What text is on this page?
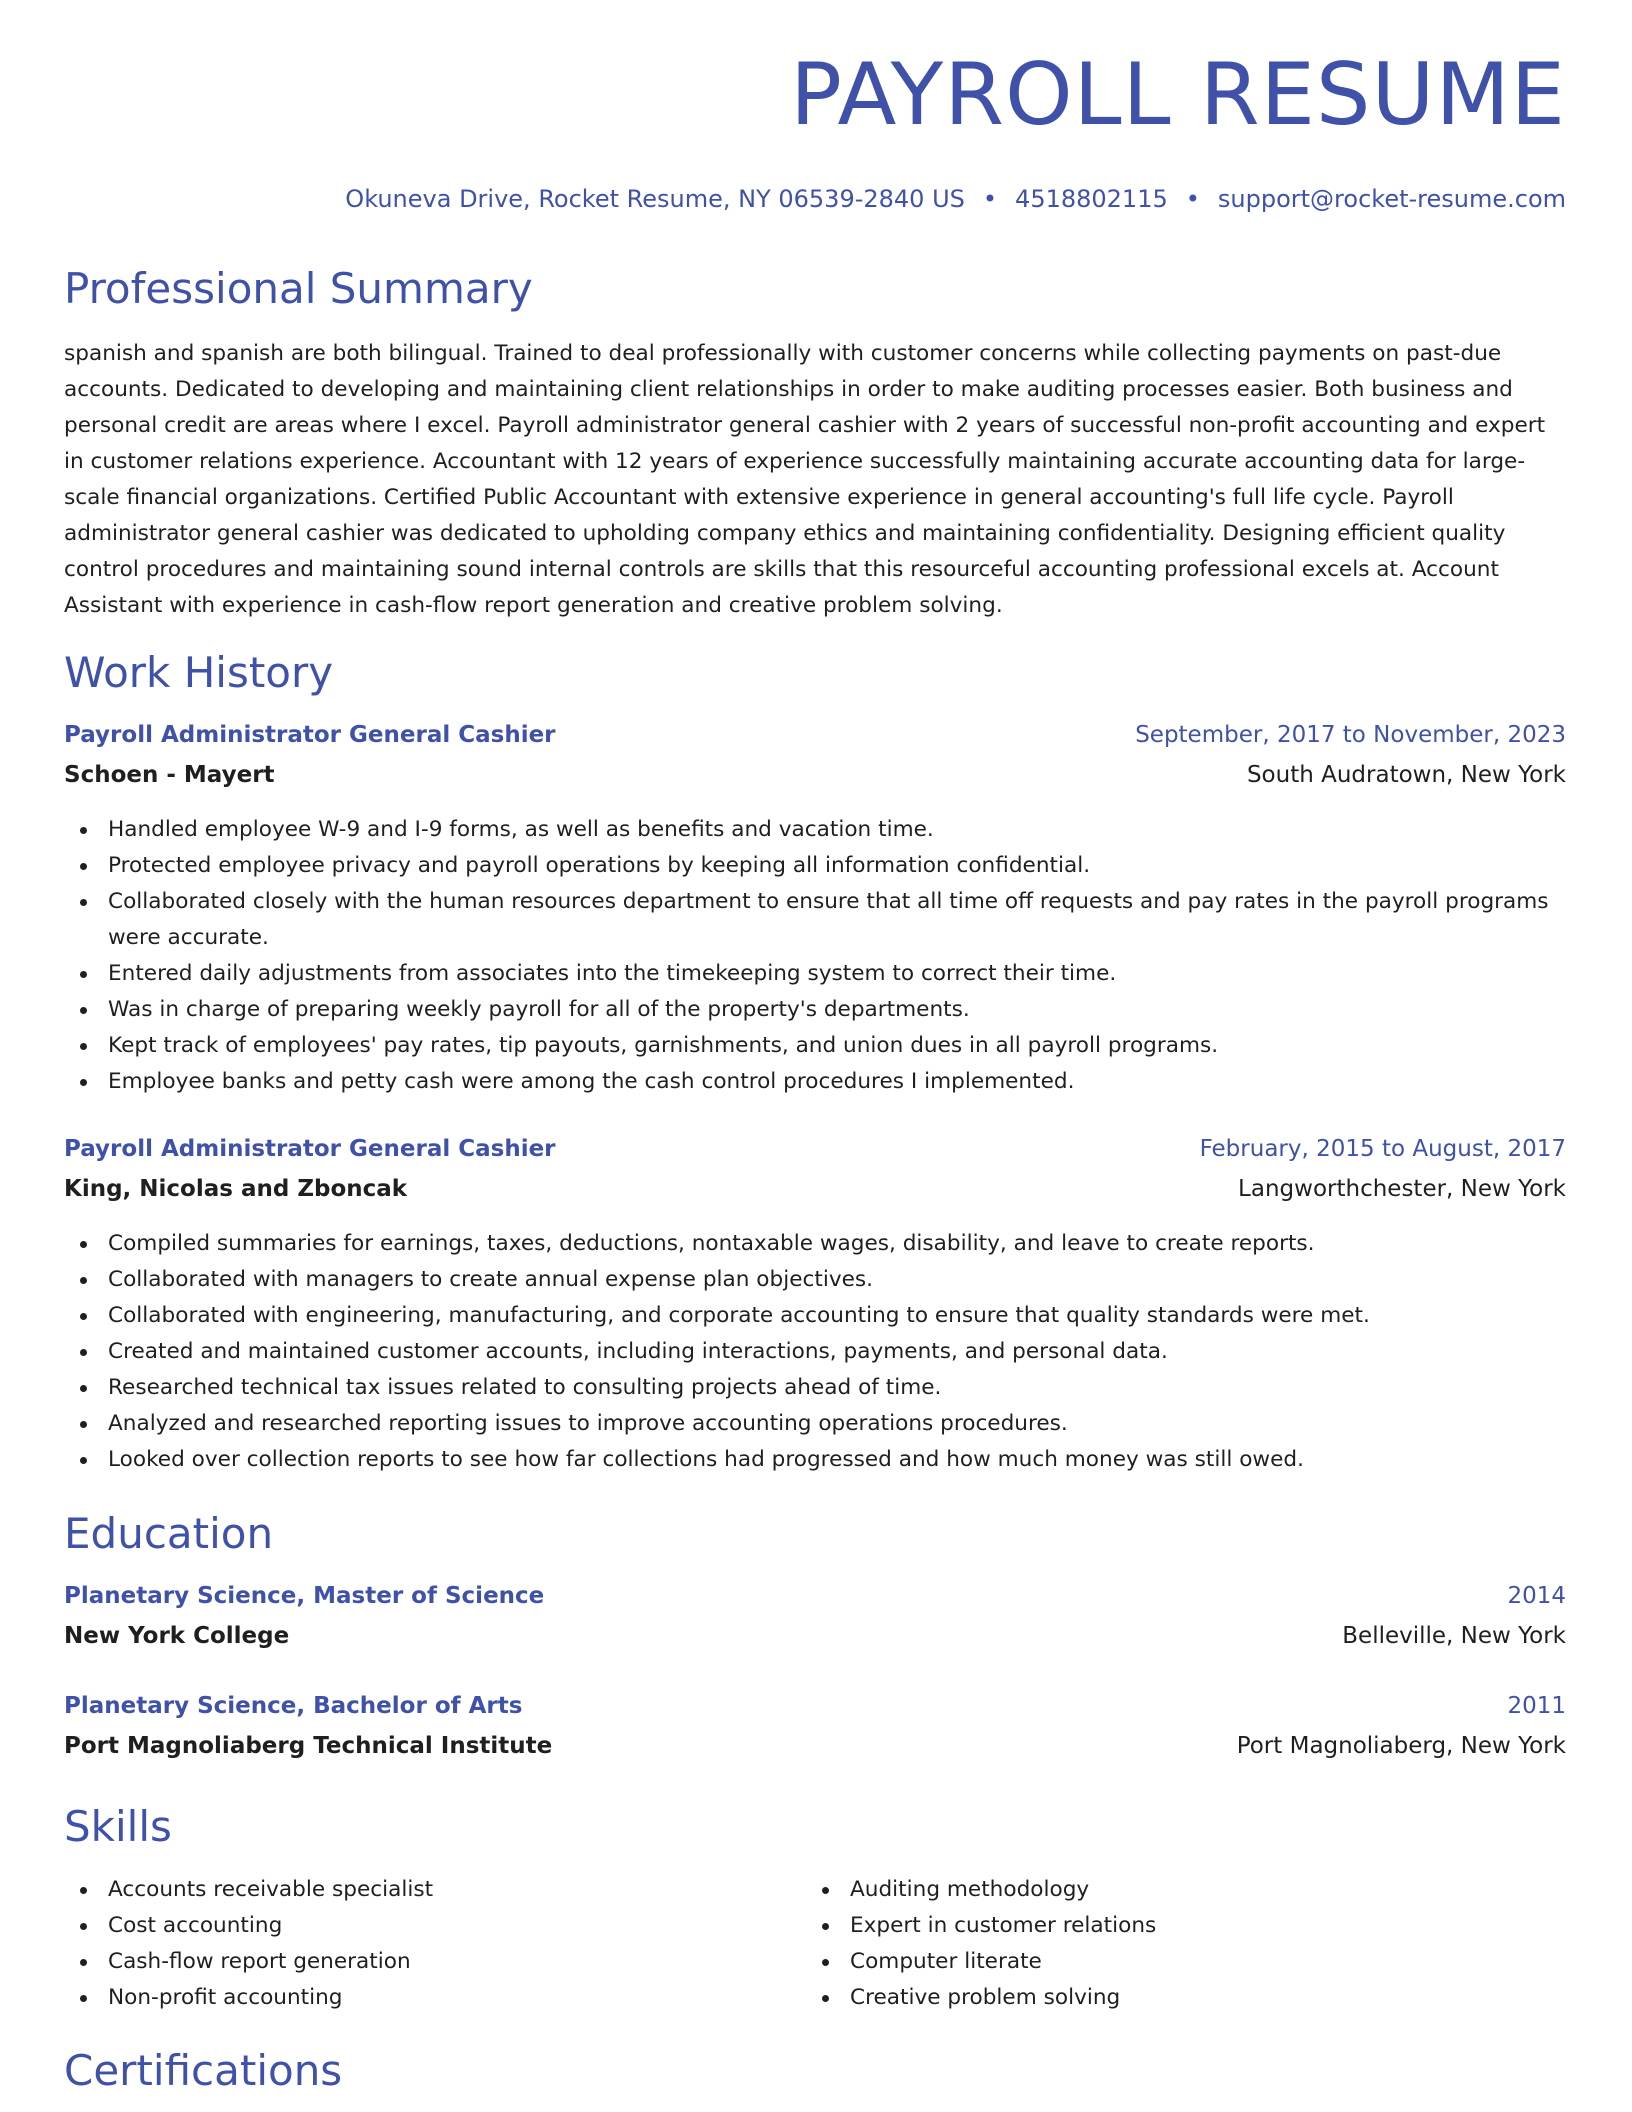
PAYROLL RESUME
Okuneva Drive, Rocket Resume, NY 06539-2840 US • 4518802115 • support@rocket-resume.com
Professional Summary

spanish and spanish are both bilingual. Trained to deal professionally with customer concerns while collecting payments on past-due accounts. Dedicated to developing and maintaining client relationships in order to make auditing processes easier. Both business and personal credit are areas where I excel. Payroll administrator general cashier with 2 years of successful non-profit accounting and expert in customer relations experience. Accountant with 12 years of experience successfully maintaining accurate accounting data for large-scale financial organizations. Certified Public Accountant with extensive experience in general accounting's full life cycle. Payroll administrator general cashier was dedicated to upholding company ethics and maintaining confidentiality. Designing efficient quality control procedures and maintaining sound internal controls are skills that this resourceful accounting professional excels at. Account Assistant with experience in cash-flow report generation and creative problem solving.

Work History
Payroll Administrator General Cashier	September, 2017 to November, 2023
Schoen - Mayert	South Audratown, New York
Handled employee W-9 and I-9 forms, as well as benefits and vacation time.
Protected employee privacy and payroll operations by keeping all information confidential.
Collaborated closely with the human resources department to ensure that all time off requests and pay rates in the payroll programs were accurate.
Entered daily adjustments from associates into the timekeeping system to correct their time.
Was in charge of preparing weekly payroll for all of the property's departments.
Kept track of employees' pay rates, tip payouts, garnishments, and union dues in all payroll programs.
Employee banks and petty cash were among the cash control procedures I implemented.
Payroll Administrator General Cashier	February, 2015 to August, 2017
King, Nicolas and Zboncak	Langworthchester, New York
Compiled summaries for earnings, taxes, deductions, nontaxable wages, disability, and leave to create reports.
Collaborated with managers to create annual expense plan objectives.
Collaborated with engineering, manufacturing, and corporate accounting to ensure that quality standards were met.
Created and maintained customer accounts, including interactions, payments, and personal data.
Researched technical tax issues related to consulting projects ahead of time.
Analyzed and researched reporting issues to improve accounting operations procedures.
Looked over collection reports to see how far collections had progressed and how much money was still owed.
Education
Planetary Science, Master of Science	2014
New York College	Belleville, New York
Planetary Science, Bachelor of Arts	2011
Port Magnoliaberg Technical Institute	Port Magnoliaberg, New York
Skills
Accounts receivable specialist
Cost accounting
Cash-flow report generation
Non-profit accounting
Auditing methodology
Expert in customer relations
Computer literate
Creative problem solving
Certifications
